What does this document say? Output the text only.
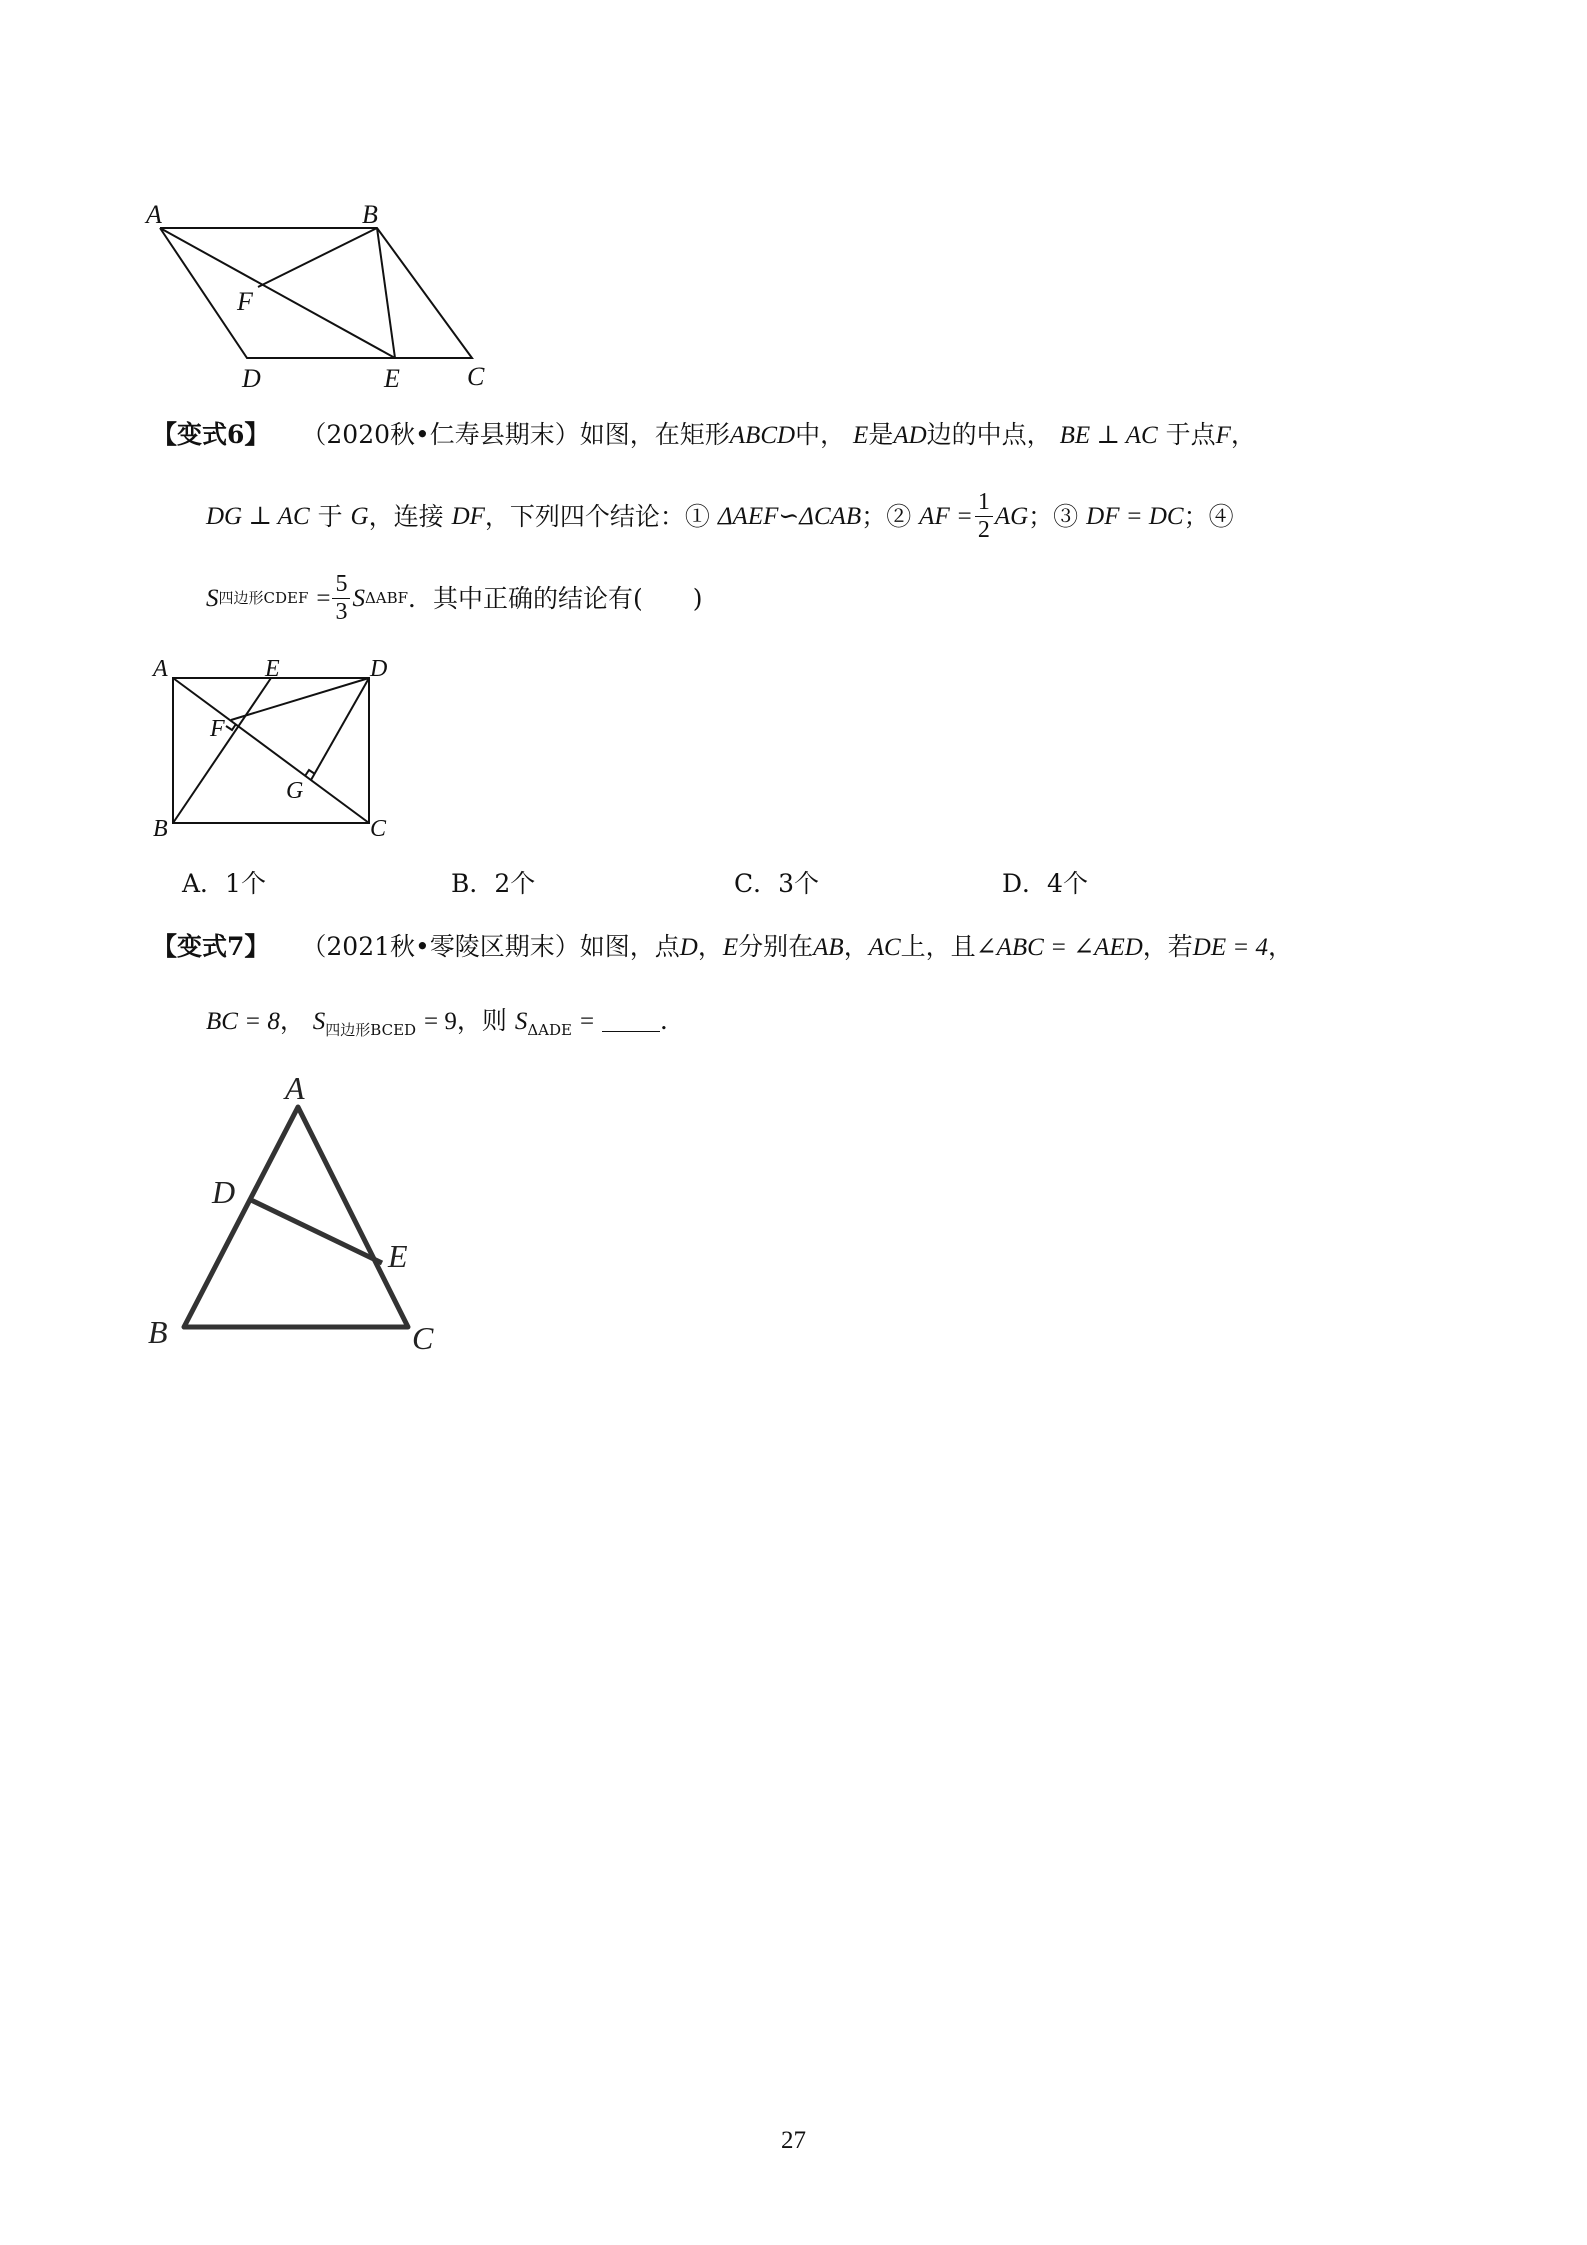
A	B
F
D	E	C
【变式6】 （2020秋•仁寿县期末）如图，在矩形ABCD中， E是AD边的中点， BE ⊥ AC 于点F，
DG ⊥ AC
于
G ，连接
DF ，下列四个结论：①
ΔAEF∽ΔCAB ；②
AF = $\frac{1}{2}$ AG ；③
DF = DC ；④
S 四边形CDEF
= $\frac{5}{3}$ S ΔABF ．其中正确的结论有(　　)
A	E	D
F
G
B	C
A．1个	B．2个	C．3个	D．4个
【变式7】 （2021秋•零陵区期末）如图，点D，E分别在AB，AC上，且∠ABC = ∠AED，若DE = 4，
BC = 8， $S_{四边形BCED} = 9$，则 $S_{\Delta ADE}$ =	．
A
D
E
B	C
27
